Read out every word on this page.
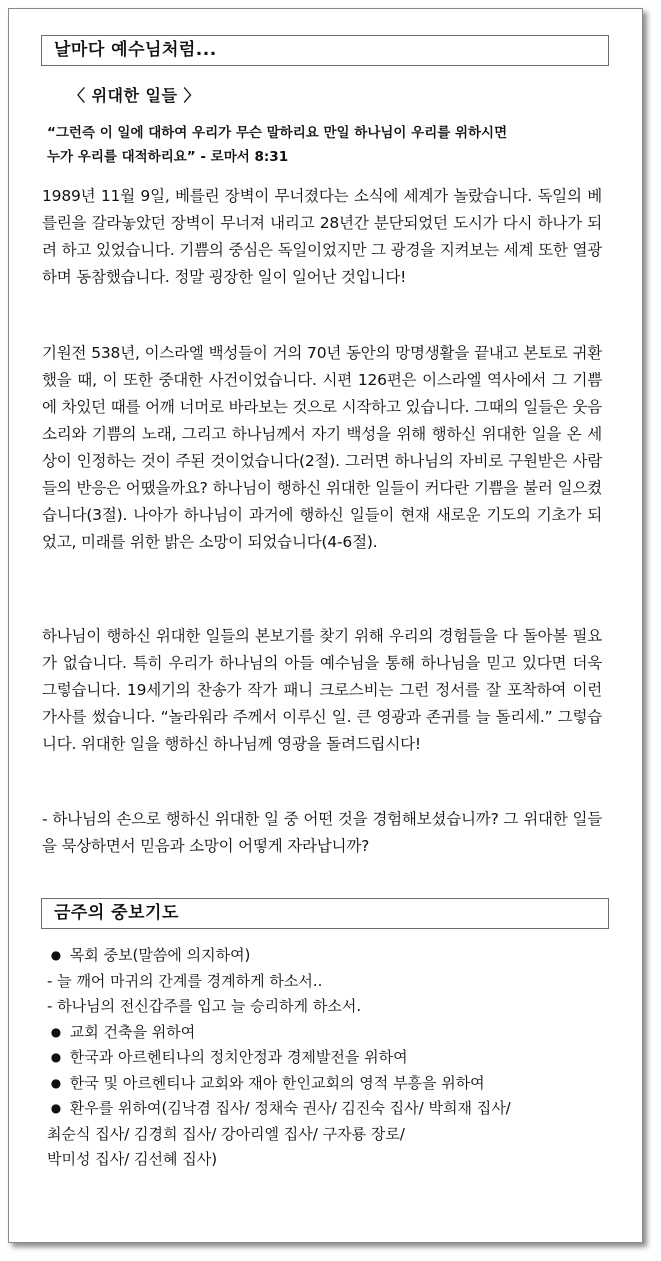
날마다 예수님처럼...
〈 위대한 일들 〉

“그런즉 이 일에 대하여 우리가 무슨 말하리요 만일 하나님이 우리를 위하시면
누가 우리를 대적하리요” - 로마서 8:31

1989년 11월 9일, 베를린 장벽이 무너졌다는 소식에 세계가 놀랐습니다. 독일의 베를린을 갈라놓았던 장벽이 무너져 내리고 28년간 분단되었던 도시가 다시 하나가 되려 하고 있었습니다. 기쁨의 중심은 독일이었지만 그 광경을 지켜보는 세계 또한 열광하며 동참했습니다. 정말 굉장한 일이 일어난 것입니다!

기원전 538년, 이스라엘 백성들이 거의 70년 동안의 망명생활을 끝내고 본토로 귀환했을 때, 이 또한 중대한 사건이었습니다. 시편 126편은 이스라엘 역사에서 그 기쁨에 차있던 때를 어깨 너머로 바라보는 것으로 시작하고 있습니다. 그때의 일들은 웃음소리와 기쁨의 노래, 그리고 하나님께서 자기 백성을 위해 행하신 위대한 일을 온 세상이 인정하는 것이 주된 것이었습니다(2절). 그러면 하나님의 자비로 구원받은 사람들의 반응은 어땠을까요? 하나님이 행하신 위대한 일들이 커다란 기쁨을 불러 일으켰습니다(3절). 나아가 하나님이 과거에 행하신 일들이 현재 새로운 기도의 기초가 되었고, 미래를 위한 밝은 소망이 되었습니다(4-6절).

하나님이 행하신 위대한 일들의 본보기를 찾기 위해 우리의 경험들을 다 돌아볼 필요가 없습니다. 특히 우리가 하나님의 아들 예수님을 통해 하나님을 믿고 있다면 더욱 그렇습니다. 19세기의 찬송가 작가 패니 크로스비는 그런 정서를 잘 포착하여 이런 가사를 썼습니다. “놀라워라 주께서 이루신 일. 큰 영광과 존귀를 늘 돌리세.” 그렇습니다. 위대한 일을 행하신 하나님께 영광을 돌려드립시다!

- 하나님의 손으로 행하신 위대한 일 중 어떤 것을 경험해보셨습니까? 그 위대한 일들을 묵상하면서 믿음과 소망이 어떻게 자라납니까?

금주의 중보기도
● 목회 중보(말씀에 의지하여)
- 늘 깨어 마귀의 간계를 경계하게 하소서..
- 하나님의 전신갑주를 입고 늘 승리하게 하소서.
● 교회 건축을 위하여
● 한국과 아르헨티나의 정치안정과 경제발전을 위하여
● 한국 및 아르헨티나 교회와 재아 한인교회의 영적 부흥을 위하여
● 환우를 위하여(김낙겸 집사/ 정채숙 권사/ 김진숙 집사/ 박희재 집사/
최순식 집사/ 김경희 집사/ 강아리엘 집사/ 구자룡 장로/
박미성 집사/ 김선혜 집사)
